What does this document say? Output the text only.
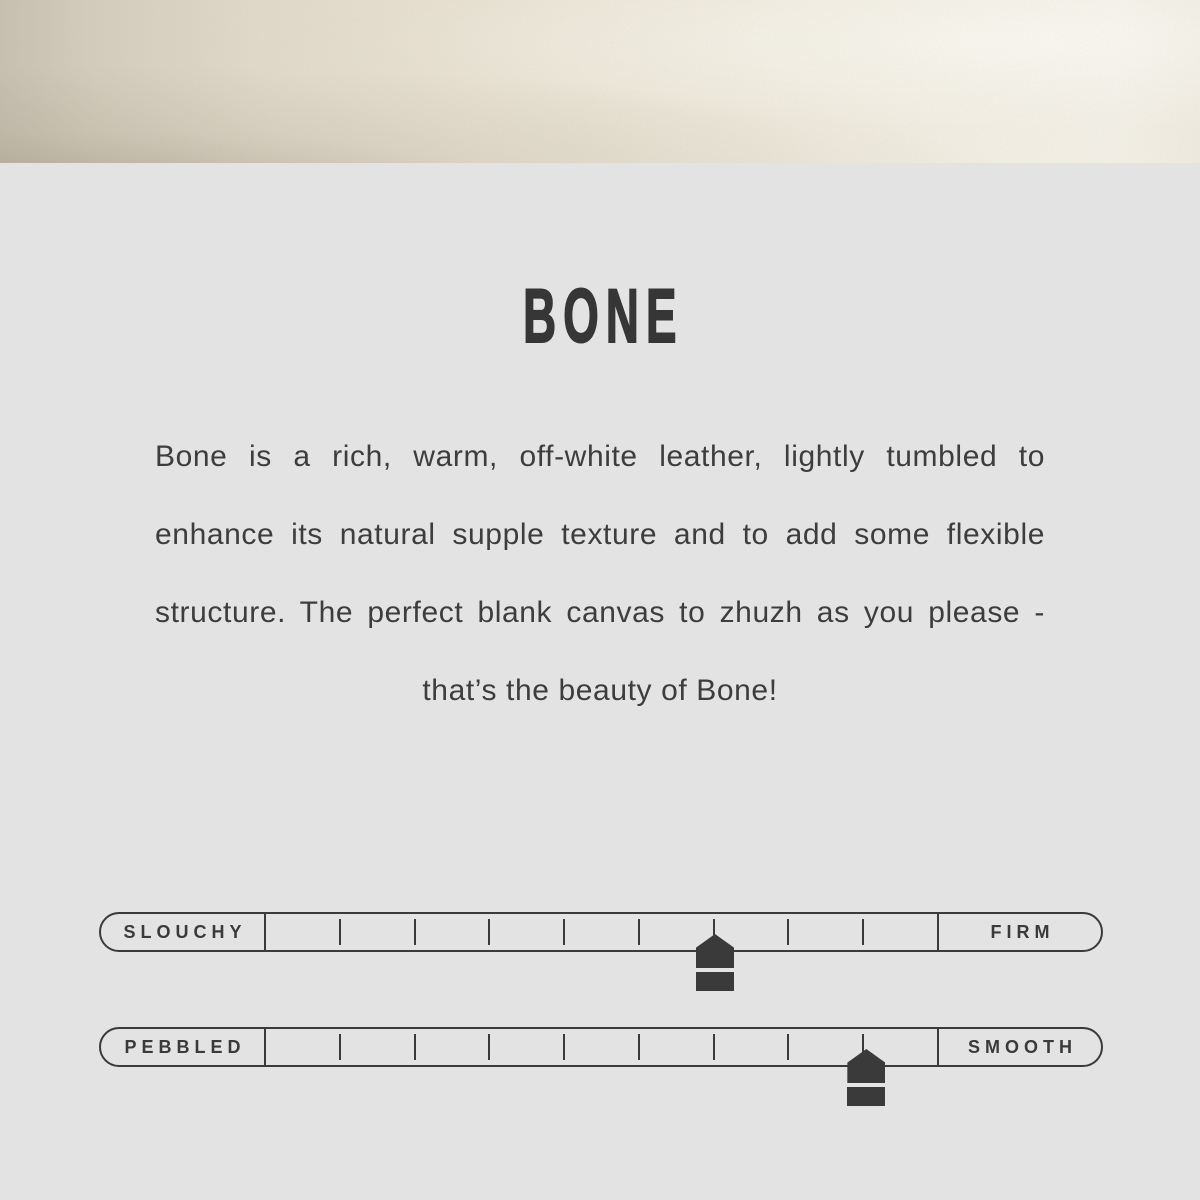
BONE
Bone is a rich, warm, off-white leather, lightly tumbled to
enhance its natural supple texture and to add some flexible
structure. The perfect blank canvas to zhuzh as you please -
that’s the beauty of Bone!
SLOUCHY	FIRM
PEBBLED	SMOOTH
